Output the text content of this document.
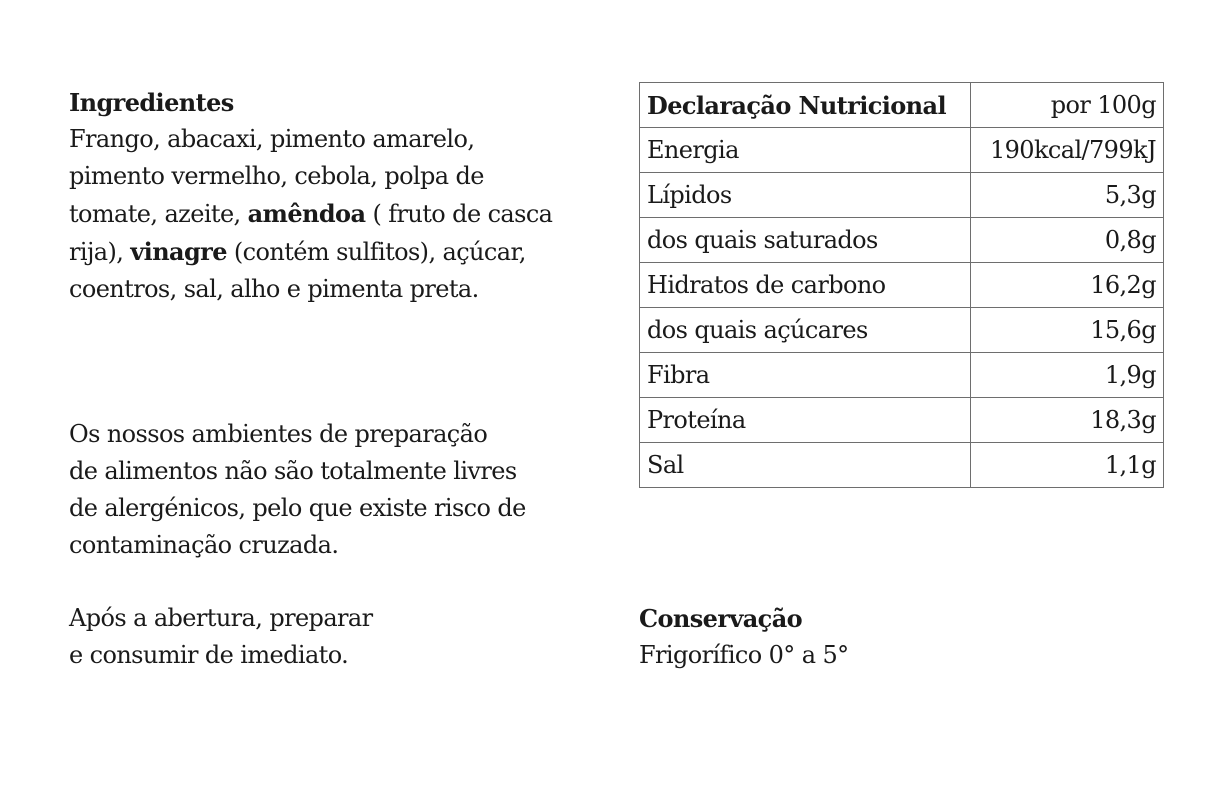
Ingredientes
Frango, abacaxi, pimento amarelo,
pimento vermelho, cebola, polpa de
tomate, azeite, amêndoa ( fruto de casca
rija), vinagre (contém sulfitos), açúcar,
coentros, sal, alho e pimenta preta.
Os nossos ambientes de preparação
de alimentos não são totalmente livres
de alergénicos, pelo que existe risco de
contaminação cruzada.
Após a abertura, preparar
e consumir de imediato.
Declaração Nutricional	por 100g
Energia	190kcal/799kJ
Lípidos	5,3g
dos quais saturados	0,8g
Hidratos de carbono	16,2g
dos quais açúcares	15,6g
Fibra	1,9g
Proteína	18,3g
Sal	1,1g
Conservação
Frigorífico 0° a 5°
